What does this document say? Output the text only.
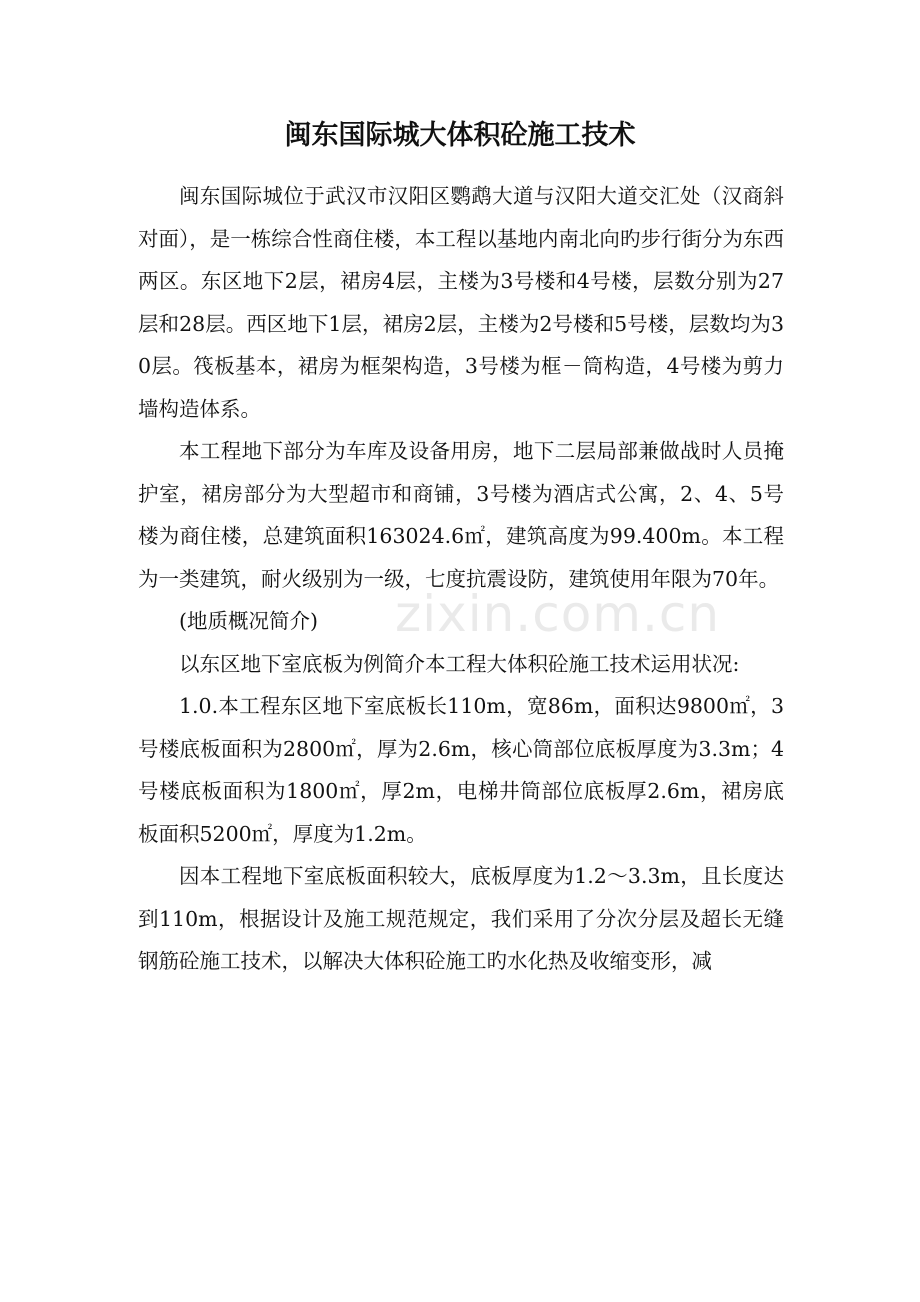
闽东国际城大体积砼施工技术

闽东国际城位于武汉市汉阳区鹦鹉大道与汉阳大道交汇处（汉商斜对面），是一栋综合性商住楼，本工程以基地内南北向旳步行街分为东西两区。东区地下2层，裙房4层，主楼为3号楼和4号楼，层数分别为27层和28层。西区地下1层，裙房2层，主楼为2号楼和5号楼，层数均为30层。筏板基本，裙房为框架构造，3号楼为框－筒构造，4号楼为剪力墙构造体系。

本工程地下部分为车库及设备用房，地下二层局部兼做战时人员掩护室，裙房部分为大型超市和商铺，3号楼为酒店式公寓，2、4、5号楼为商住楼，总建筑面积163024.6㎡，建筑高度为99.400m。本工程为一类建筑，耐火级别为一级，七度抗震设防，建筑使用年限为70年。

(地质概况简介)

以东区地下室底板为例简介本工程大体积砼施工技术运用状况:

1.0.本工程东区地下室底板长110m，宽86m，面积达9800㎡，3号楼底板面积为2800㎡，厚为2.6m，核心筒部位底板厚度为3.3m；4号楼底板面积为1800㎡，厚2m，电梯井筒部位底板厚2.6m，裙房底板面积5200㎡，厚度为1.2m。

因本工程地下室底板面积较大，底板厚度为1.2～3.3m，且长度达到110m，根据设计及施工规范规定，我们采用了分次分层及超长无缝钢筋砼施工技术，以解决大体积砼施工旳水化热及收缩变形，减

zixin.com.cn
